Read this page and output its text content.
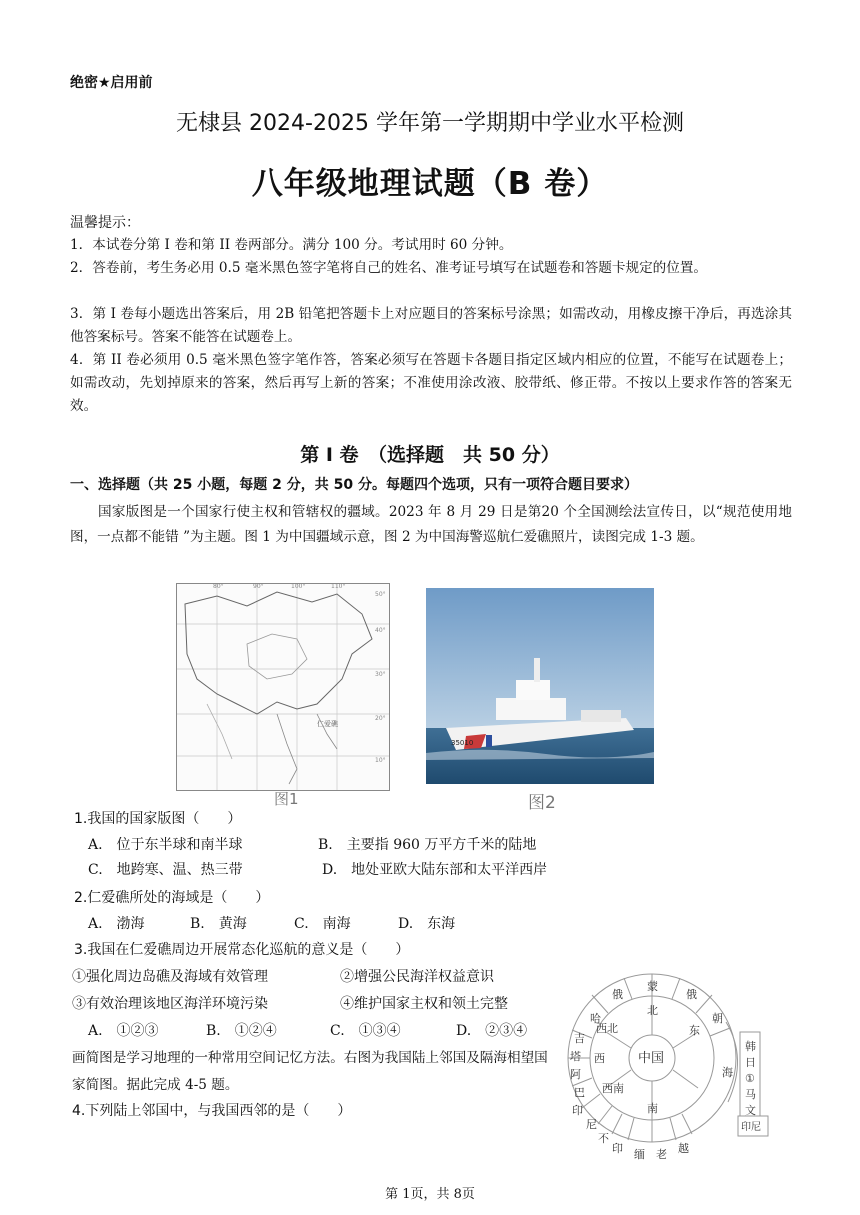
绝密★启用前
无棣县 2024-2025 学年第一学期期中学业水平检测
八年级地理试题（B 卷）
温馨提示：
1．本试卷分第 I 卷和第 II 卷两部分。满分 100 分。考试用时 60 分钟。
2．答卷前，考生务必用 0.5 毫米黑色签字笔将自己的姓名、准考证号填写在试题卷和答题卡规定的位置。
3．第 I 卷每小题选出答案后，用 2B 铅笔把答题卡上对应题目的答案标号涂黑；如需改动，用橡皮擦干净后，再选涂其他答案标号。答案不能答在试题卷上。
4．第 II 卷必须用 0.5 毫米黑色签字笔作答，答案必须写在答题卡各题目指定区域内相应的位置，不能写在试题卷上；如需改动，先划掉原来的答案，然后再写上新的答案；不准使用涂改液、胶带纸、修正带。不按以上要求作答的答案无效。
第 I 卷　（选择题　共 50 分）
一、选择题（共 25 小题，每题 2 分，共 50 分。每题四个选项，只有一项符合题目要求）
国家版图是一个国家行使主权和管辖权的疆域。2023 年 8 月 29 日是第20 个全国测绘法宣传日，以“规范使用地图，一点都不能错 ”为主题。图 1 为中国疆域示意，图 2 为中国海警巡航仁爱礁照片，读图完成 1-3 题。
80°	90°	100°	110°
50°
40°
30°
20°
10°
仁爱礁
图1
35010
图2
1.我国的国家版图（　　）
A.　位于东半球和南半球	B.　主要指 960 万平方千米的陆地
C.　地跨寒、温、热三带	D.　地处亚欧大陆东部和太平洋西岸
2.仁爱礁所处的海域是（　　）
A.　渤海	B.　黄海	C.　南海	D.　东海
3.我国在仁爱礁周边开展常态化巡航的意义是（　　）
①强化周边岛礁及海域有效管理	②增强公民海洋权益意识
③有效治理该地区海洋环境污染	④维护国家主权和领土完整
A.　①②③	B.　①②④	C.　①③④	D.　②③④
画简图是学习地理的一种常用空间记忆方法。右图为我国陆上邻国及隔海相望国家简图。据此完成 4-5 题。
4.下列陆上邻国中，与我国西邻的是（　　）
中国
北
东
南
西南
西
西北
蒙
俄
朝
俄
哈
吉
塔
阿
巴
印
尼
不
印 缅 老 越
海
韩
日
①
马
文
印尼
第 1页，共 8页
